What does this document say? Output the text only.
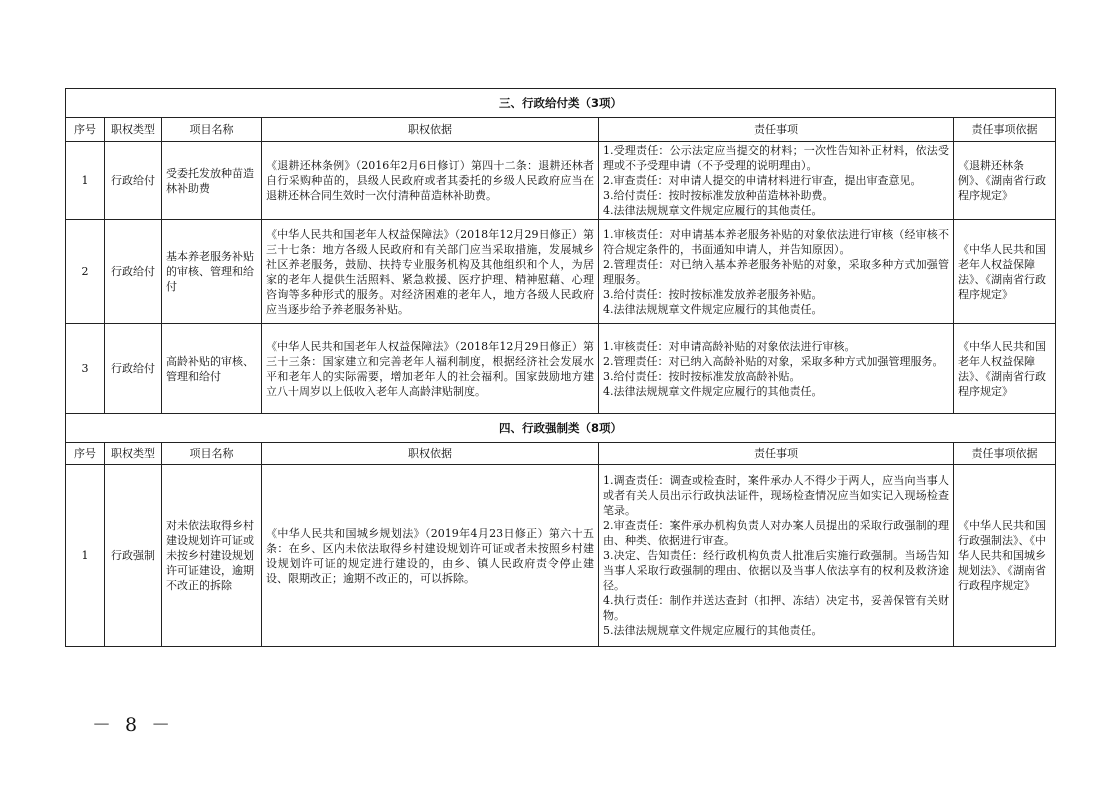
三、行政给付类（3项）					
序号	职权类型	项目名称	职权依据	责任事项	责任事项依据
1	行政给付	受委托发放种苗造林补助费	《退耕还林条例》（2016年2月6日修订）第四十二条：退耕还林者自行采购种苗的，县级人民政府或者其委托的乡级人民政府应当在退耕还林合同生效时一次付清种苗造林补助费。	1.受理责任：公示法定应当提交的材料；一次性告知补正材料，依法受理或不予受理申请（不予受理的说明理由）。
2.审查责任：对申请人提交的申请材料进行审查，提出审查意见。
3.给付责任：按时按标准发放种苗造林补助费。
4.法律法规规章文件规定应履行的其他责任。	《退耕还林条例》、《湖南省行政程序规定》
2	行政给付	基本养老服务补贴的审核、管理和给付	《中华人民共和国老年人权益保障法》（2018年12月29日修正）第三十七条：地方各级人民政府和有关部门应当采取措施，发展城乡社区养老服务，鼓励、扶持专业服务机构及其他组织和个人，为居家的老年人提供生活照料、紧急救援、医疗护理、精神慰藉、心理咨询等多种形式的服务。对经济困难的老年人，地方各级人民政府应当逐步给予养老服务补贴。	1.审核责任：对申请基本养老服务补贴的对象依法进行审核（经审核不符合规定条件的，书面通知申请人，并告知原因）。
2.管理责任：对已纳入基本养老服务补贴的对象，采取多种方式加强管理服务。
3.给付责任：按时按标准发放养老服务补贴。
4.法律法规规章文件规定应履行的其他责任。	《中华人民共和国老年人权益保障法》、《湖南省行政程序规定》
3	行政给付	高龄补贴的审核、管理和给付	《中华人民共和国老年人权益保障法》（2018年12月29日修正）第三十三条：国家建立和完善老年人福利制度，根据经济社会发展水平和老年人的实际需要，增加老年人的社会福利。国家鼓励地方建立八十周岁以上低收入老年人高龄津贴制度。	1.审核责任：对申请高龄补贴的对象依法进行审核。
2.管理责任：对已纳入高龄补贴的对象，采取多种方式加强管理服务。
3.给付责任：按时按标准发放高龄补贴。
4.法律法规规章文件规定应履行的其他责任。	《中华人民共和国老年人权益保障法》、《湖南省行政程序规定》
四、行政强制类（8项）					
序号	职权类型	项目名称	职权依据	责任事项	责任事项依据
1	行政强制	对未依法取得乡村建设规划许可证或未按乡村建设规划许可证建设，逾期不改正的拆除	《中华人民共和国城乡规划法》（2019年4月23日修正）第六十五条：在乡、区内未依法取得乡村建设规划许可证或者未按照乡村建设规划许可证的规定进行建设的，由乡、镇人民政府责令停止建设、限期改正；逾期不改正的，可以拆除。	1.调查责任：调查或检查时，案件承办人不得少于两人，应当向当事人或者有关人员出示行政执法证件，现场检查情况应当如实记入现场检查笔录。
2.审查责任：案件承办机构负责人对办案人员提出的采取行政强制的理由、种类、依据进行审查。
3.决定、告知责任：经行政机构负责人批准后实施行政强制。当场告知当事人采取行政强制的理由、依据以及当事人依法享有的权利及救济途径。
4.执行责任：制作并送达查封（扣押、冻结）决定书，妥善保管有关财物。
5.法律法规规章文件规定应履行的其他责任。	《中华人民共和国行政强制法》、《中华人民共和国城乡规划法》、《湖南省行政程序规定》
－ 8 －
